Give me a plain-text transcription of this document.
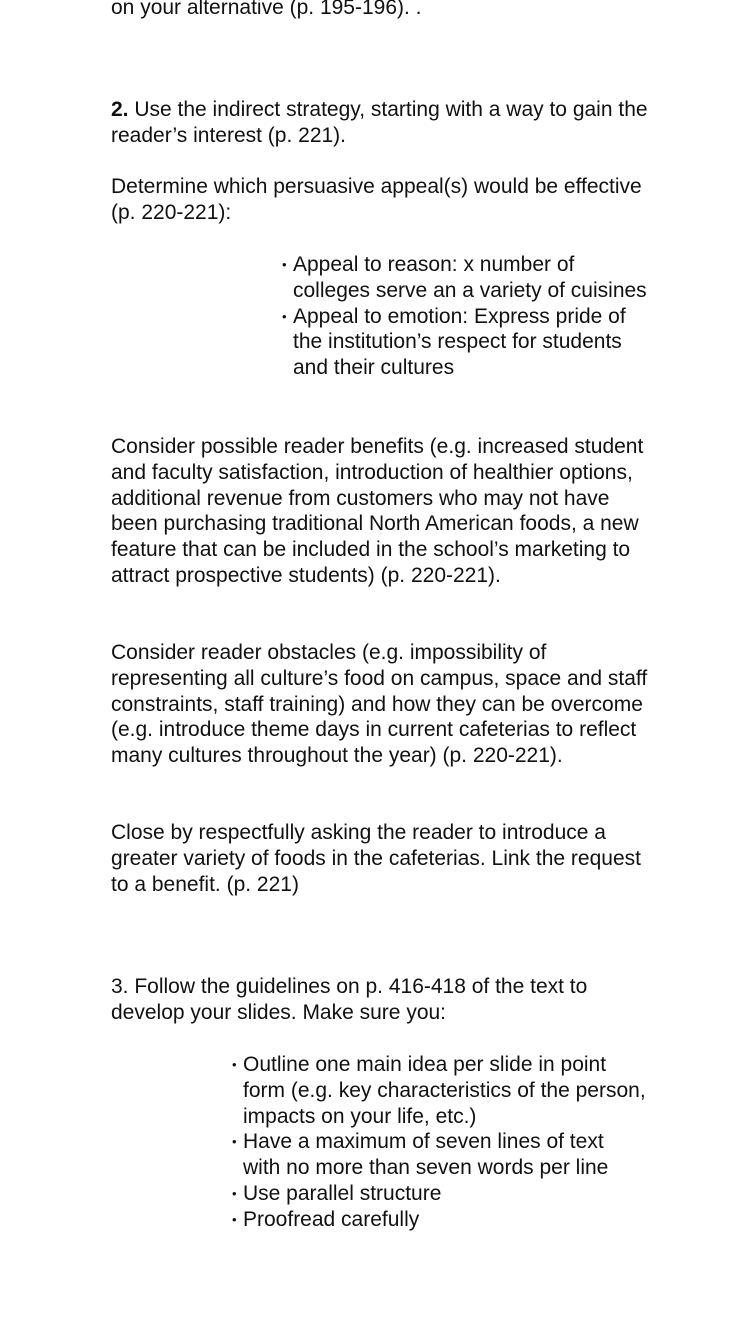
on your alternative (p. 195-196). .

2. Use the indirect strategy, starting with a way to gain the reader’s interest (p. 221).

Determine which persuasive appeal(s) would be effective (p. 220-221):

• Appeal to reason: x number of colleges serve an a variety of cuisines
• Appeal to emotion: Express pride of the institution’s respect for students and their cultures

Consider possible reader benefits (e.g. increased student and faculty satisfaction, introduction of healthier options, additional revenue from customers who may not have been purchasing traditional North American foods, a new feature that can be included in the school’s marketing to attract prospective students) (p. 220-221).

Consider reader obstacles (e.g. impossibility of representing all culture’s food on campus, space and staff constraints, staff training) and how they can be overcome (e.g. introduce theme days in current cafeterias to reflect many cultures throughout the year) (p. 220-221).

Close by respectfully asking the reader to introduce a greater variety of foods in the cafeterias. Link the request to a benefit. (p. 221)

3. Follow the guidelines on p. 416-418 of the text to develop your slides. Make sure you:

• Outline one main idea per slide in point form (e.g. key characteristics of the person, impacts on your life, etc.)
• Have a maximum of seven lines of text with no more than seven words per line
• Use parallel structure
• Proofread carefully
